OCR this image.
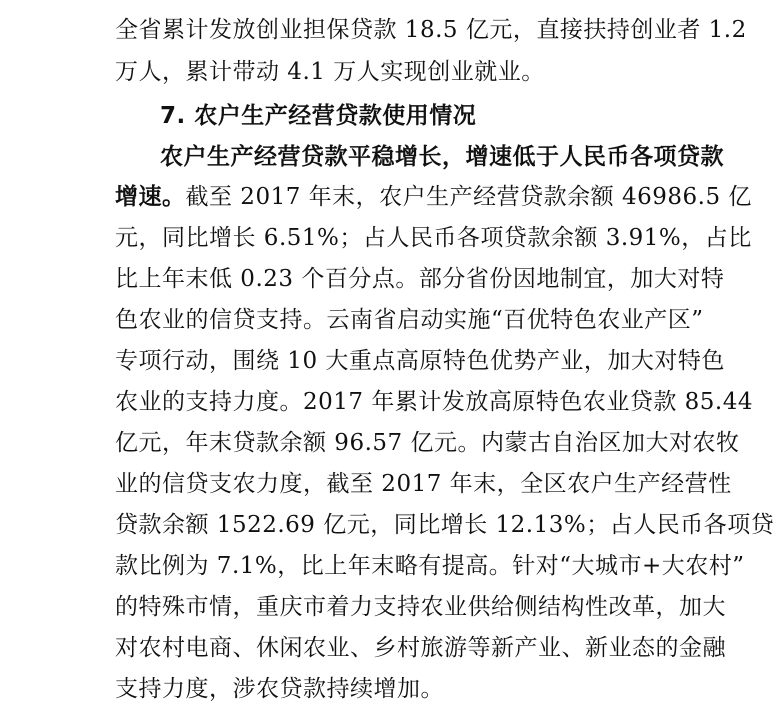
全省累计发放创业担保贷款 18.5 亿元，直接扶持创业者 1.2
万人，累计带动 4.1 万人实现创业就业。
7. 农户生产经营贷款使用情况
农户生产经营贷款平稳增长，增速低于人民币各项贷款
增速。截至 2017 年末，农户生产经营贷款余额 46986.5 亿
元，同比增长 6.51%；占人民币各项贷款余额 3.91%，占比
比上年末低 0.23 个百分点。部分省份因地制宜，加大对特
色农业的信贷支持。云南省启动实施“百优特色农业产区”
专项行动，围绕 10 大重点高原特色优势产业，加大对特色
农业的支持力度。2017 年累计发放高原特色农业贷款 85.44
亿元，年末贷款余额 96.57 亿元。内蒙古自治区加大对农牧
业的信贷支农力度，截至 2017 年末，全区农户生产经营性
贷款余额 1522.69 亿元，同比增长 12.13%；占人民币各项贷
款比例为 7.1%，比上年末略有提高。针对“大城市+大农村”
的特殊市情，重庆市着力支持农业供给侧结构性改革，加大
对农村电商、休闲农业、乡村旅游等新产业、新业态的金融
支持力度，涉农贷款持续增加。
